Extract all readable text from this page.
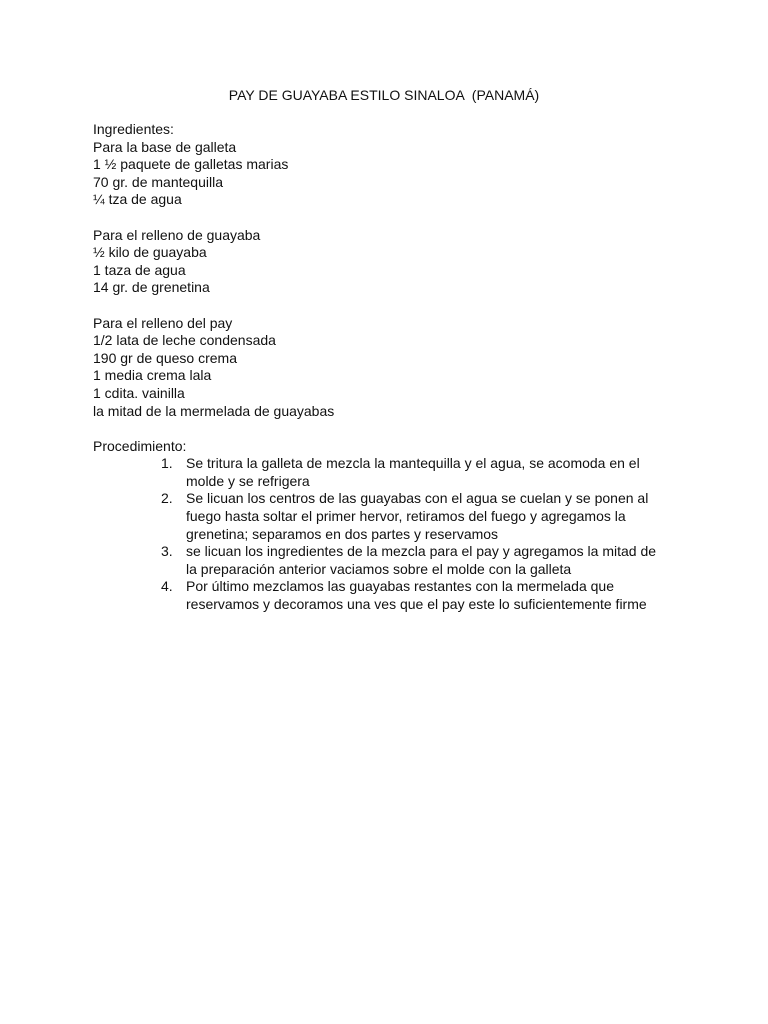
PAY DE GUAYABA ESTILO SINALOA  (PANAMÁ)
Ingredientes:
Para la base de galleta
1 ½ paquete de galletas marias
70 gr. de mantequilla
¼ tza de agua
Para el relleno de guayaba
½ kilo de guayaba
1 taza de agua
14 gr. de grenetina
Para el relleno del pay
1/2 lata de leche condensada
190 gr de queso crema
1 media crema lala
1 cdita. vainilla
la mitad de la mermelada de guayabas
Procedimiento:
1. Se tritura la galleta de mezcla la mantequilla y el agua, se acomoda en el molde y se refrigera
2. Se licuan los centros de las guayabas con el agua se cuelan y se ponen al fuego hasta soltar el primer hervor, retiramos del fuego y agregamos la grenetina; separamos en dos partes y reservamos
3. se licuan los ingredientes de la mezcla para el pay y agregamos la mitad de la preparación anterior vaciamos sobre el molde con la galleta
4. Por último mezclamos las guayabas restantes con la mermelada que reservamos y decoramos una ves que el pay este lo suficientemente firme
